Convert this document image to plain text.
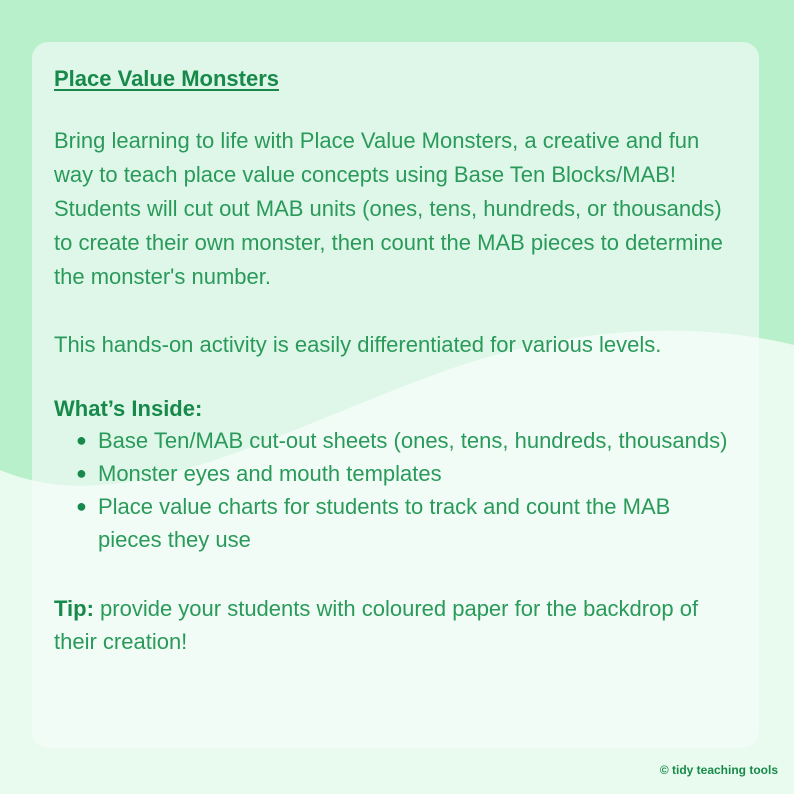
Place Value Monsters

Bring learning to life with Place Value Monsters, a creative and fun way to teach place value concepts using Base Ten Blocks/MAB! Students will cut out MAB units (ones, tens, hundreds, or thousands) to create their own monster, then count the MAB pieces to determine the monster's number.

This hands-on activity is easily differentiated for various levels.

What’s Inside:
● Base Ten/MAB cut-out sheets (ones, tens, hundreds, thousands)
● Monster eyes and mouth templates
● Place value charts for students to track and count the MAB pieces they use

Tip: provide your students with coloured paper for the backdrop of their creation!

© tidy teaching tools
